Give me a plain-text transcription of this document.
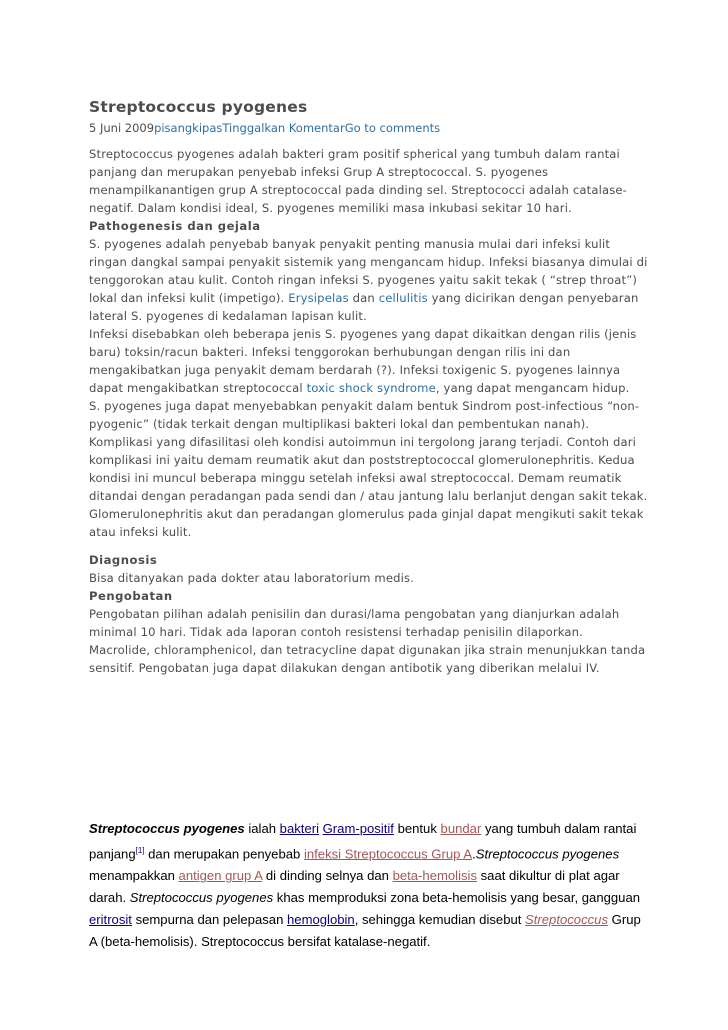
Streptococcus pyogenes
5 Juni 2009pisangkipasTinggalkan KomentarGo to comments

Streptococcus pyogenes adalah bakteri gram positif spherical yang tumbuh dalam rantai panjang dan merupakan penyebab infeksi Grup A streptococcal. S. pyogenes menampilkanantigen grup A streptococcal pada dinding sel. Streptococci adalah catalase-negatif. Dalam kondisi ideal, S. pyogenes memiliki masa inkubasi sekitar 10 hari.

Pathogenesis dan gejala

S. pyogenes adalah penyebab banyak penyakit penting manusia mulai dari infeksi kulit ringan dangkal sampai penyakit sistemik yang mengancam hidup. Infeksi biasanya dimulai di tenggorokan atau kulit. Contoh ringan infeksi S. pyogenes yaitu sakit tekak ( “strep throat”) lokal dan infeksi kulit (impetigo). Erysipelas dan cellulitis yang dicirikan dengan penyebaran lateral S. pyogenes di kedalaman lapisan kulit.

Infeksi disebabkan oleh beberapa jenis S. pyogenes yang dapat dikaitkan dengan rilis (jenis baru) toksin/racun bakteri. Infeksi tenggorokan berhubungan dengan rilis ini dan mengakibatkan juga penyakit demam berdarah (?). Infeksi toxigenic S. pyogenes lainnya dapat mengakibatkan streptococcal toxic shock syndrome, yang dapat mengancam hidup.

S. pyogenes juga dapat menyebabkan penyakit dalam bentuk Sindrom post-infectious “non-pyogenic” (tidak terkait dengan multiplikasi bakteri lokal dan pembentukan nanah). Komplikasi yang difasilitasi oleh kondisi autoimmun ini tergolong jarang terjadi. Contoh dari komplikasi ini yaitu demam reumatik akut dan poststreptococcal glomerulonephritis. Kedua kondisi ini muncul beberapa minggu setelah infeksi awal streptococcal. Demam reumatik ditandai dengan peradangan pada sendi dan / atau jantung lalu berlanjut dengan sakit tekak. Glomerulonephritis akut dan peradangan glomerulus pada ginjal dapat mengikuti sakit tekak atau infeksi kulit.

Diagnosis

Bisa ditanyakan pada dokter atau laboratorium medis.

Pengobatan

Pengobatan pilihan adalah penisilin dan durasi/lama pengobatan yang dianjurkan adalah minimal 10 hari. Tidak ada laporan contoh resistensi terhadap penisilin dilaporkan.

Macrolide, chloramphenicol, dan tetracycline dapat digunakan jika strain menunjukkan tanda sensitif. Pengobatan juga dapat dilakukan dengan antibotik yang diberikan melalui IV.

Streptococcus pyogenes ialah bakteri Gram-positif bentuk bundar yang tumbuh dalam rantai panjang[1] dan merupakan penyebab infeksi Streptococcus Grup A.Streptococcus pyogenes menampakkan antigen grup A di dinding selnya dan beta-hemolisis saat dikultur di plat agar darah. Streptococcus pyogenes khas memproduksi zona beta-hemolisis yang besar, gangguan eritrosit sempurna dan pelepasan hemoglobin, sehingga kemudian disebut Streptococcus Grup A (beta-hemolisis). Streptococcus bersifat katalase-negatif.
